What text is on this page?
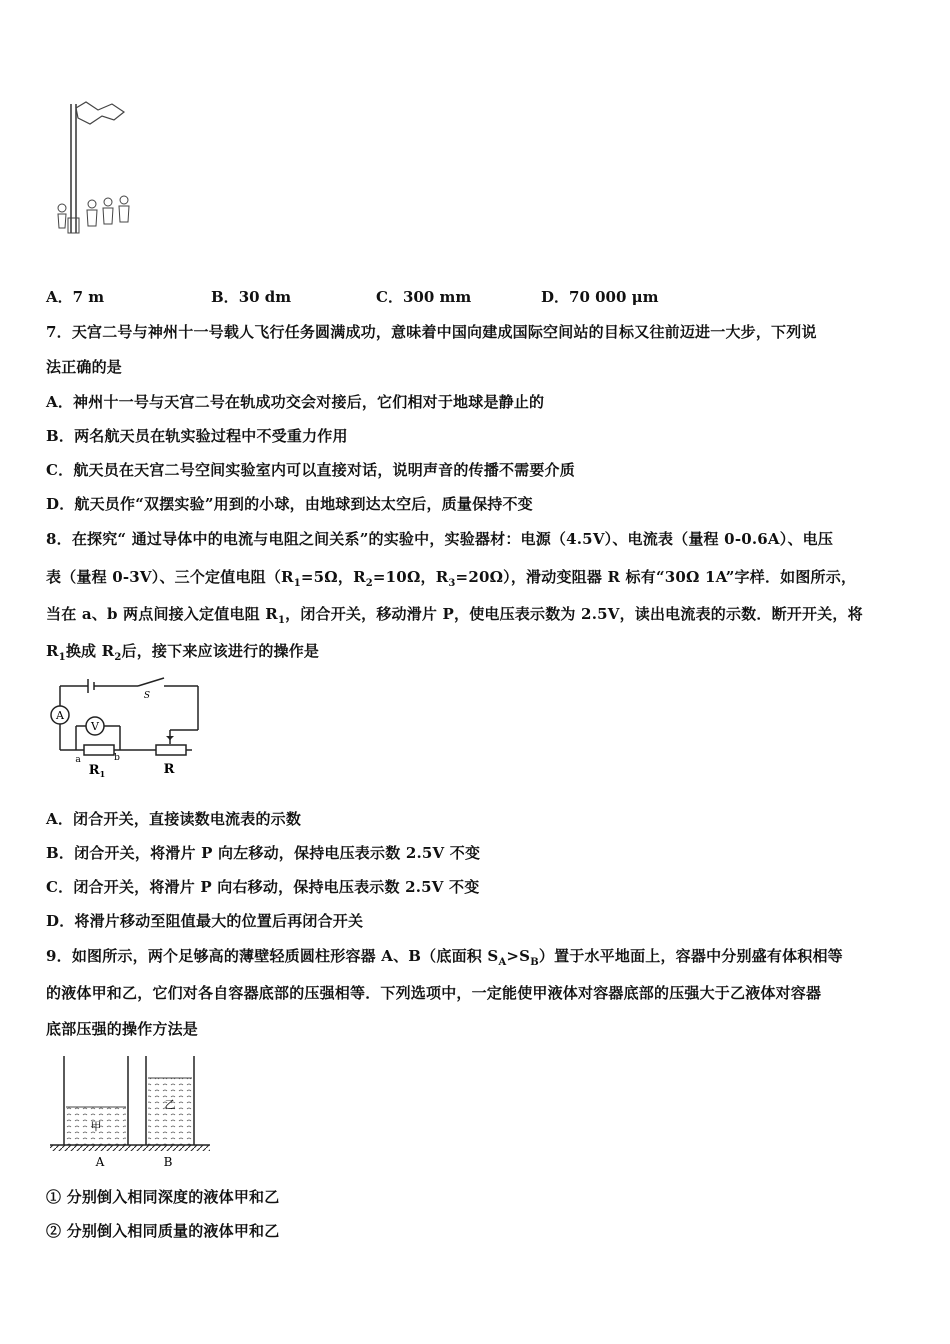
A．7 m	B．30 dm	C．300 mm	D．70 000 μm
7．天宫二号与神州十一号载人飞行任务圆满成功，意味着中国向建成国际空间站的目标又往前迈进一大步，下列说
法正确的是
A．神州十一号与天宫二号在轨成功交会对接后，它们相对于地球是静止的
B．两名航天员在轨实验过程中不受重力作用
C．航天员在天宫二号空间实验室内可以直接对话，说明声音的传播不需要介质
D．航天员作“双摆实验”用到的小球，由地球到达太空后，质量保持不变
8．在探究“ 通过导体中的电流与电阻之间关系”的实验中，实验器材：电源（4.5V）、电流表（量程 0-0.6A）、电压
表（量程 0-3V）、三个定值电阻（$R_1=5\Omega$，$R_2=10\Omega$，$R_3=20\Omega$），滑动变阻器 R 标有“30Ω 1A”字样．如图所示，
当在 a、b 两点间接入定值电阻 $R_1$，闭合开关，移动滑片 P，使电压表示数为 2.5V，读出电流表的示数．断开开关，将
$R_1$换成 $R_2$后，接下来应该进行的操作是
A
V
S
a	b
$R_1$	R
A．闭合开关，直接读数电流表的示数
B．闭合开关，将滑片 P 向左移动，保持电压表示数 2.5V 不变
C．闭合开关，将滑片 P 向右移动，保持电压表示数 2.5V 不变
D．将滑片移动至阻值最大的位置后再闭合开关
9．如图所示，两个足够高的薄壁轻质圆柱形容器 A、B（底面积 $S_A>S_B$）置于水平地面上，容器中分别盛有体积相等
的液体甲和乙，它们对各自容器底部的压强相等．下列选项中，一定能使甲液体对容器底部的压强大于乙液体对容器
底部压强的操作方法是
甲
乙
A	B
① 分别倒入相同深度的液体甲和乙
② 分别倒入相同质量的液体甲和乙
